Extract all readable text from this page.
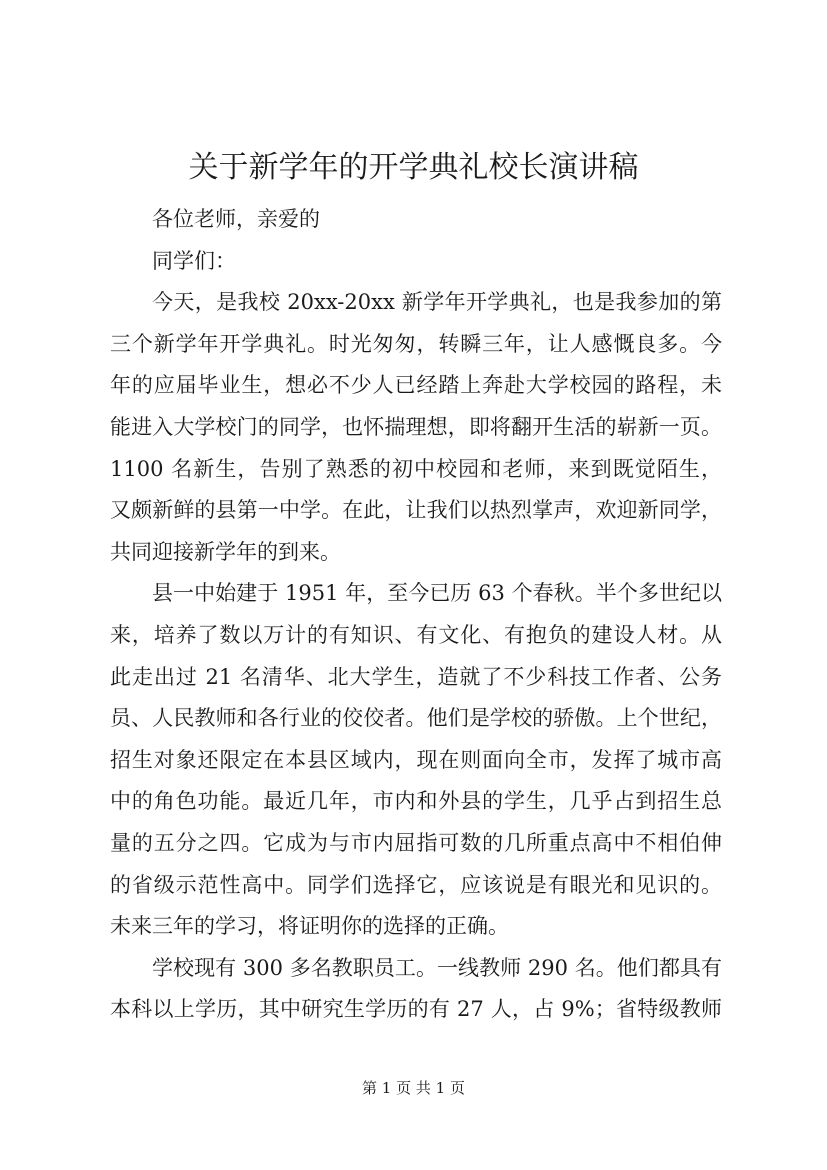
关于新学年的开学典礼校长演讲稿
各位老师，亲爱的
同学们：
今天，是我校 20xx-20xx 新学年开学典礼，也是我参加的第
三个新学年开学典礼。时光匆匆，转瞬三年，让人感慨良多。今
年的应届毕业生，想必不少人已经踏上奔赴大学校园的路程，未
能进入大学校门的同学，也怀揣理想，即将翻开生活的崭新一页。
1100 名新生，告别了熟悉的初中校园和老师，来到既觉陌生，
又颇新鲜的县第一中学。在此，让我们以热烈掌声，欢迎新同学，
共同迎接新学年的到来。
县一中始建于 1951 年，至今已历 63 个春秋。半个多世纪以
来，培养了数以万计的有知识、有文化、有抱负的建设人材。从
此走出过 21 名清华、北大学生，造就了不少科技工作者、公务
员、人民教师和各行业的佼佼者。他们是学校的骄傲。上个世纪，
招生对象还限定在本县区域内，现在则面向全市，发挥了城市高
中的角色功能。最近几年，市内和外县的学生，几乎占到招生总
量的五分之四。它成为与市内屈指可数的几所重点高中不相伯伸
的省级示范性高中。同学们选择它，应该说是有眼光和见识的。
未来三年的学习，将证明你的选择的正确。
学校现有 300 多名教职员工。一线教师 290 名。他们都具有
本科以上学历，其中研究生学历的有 27 人，占 9%；省特级教师
第 1 页 共 1 页
